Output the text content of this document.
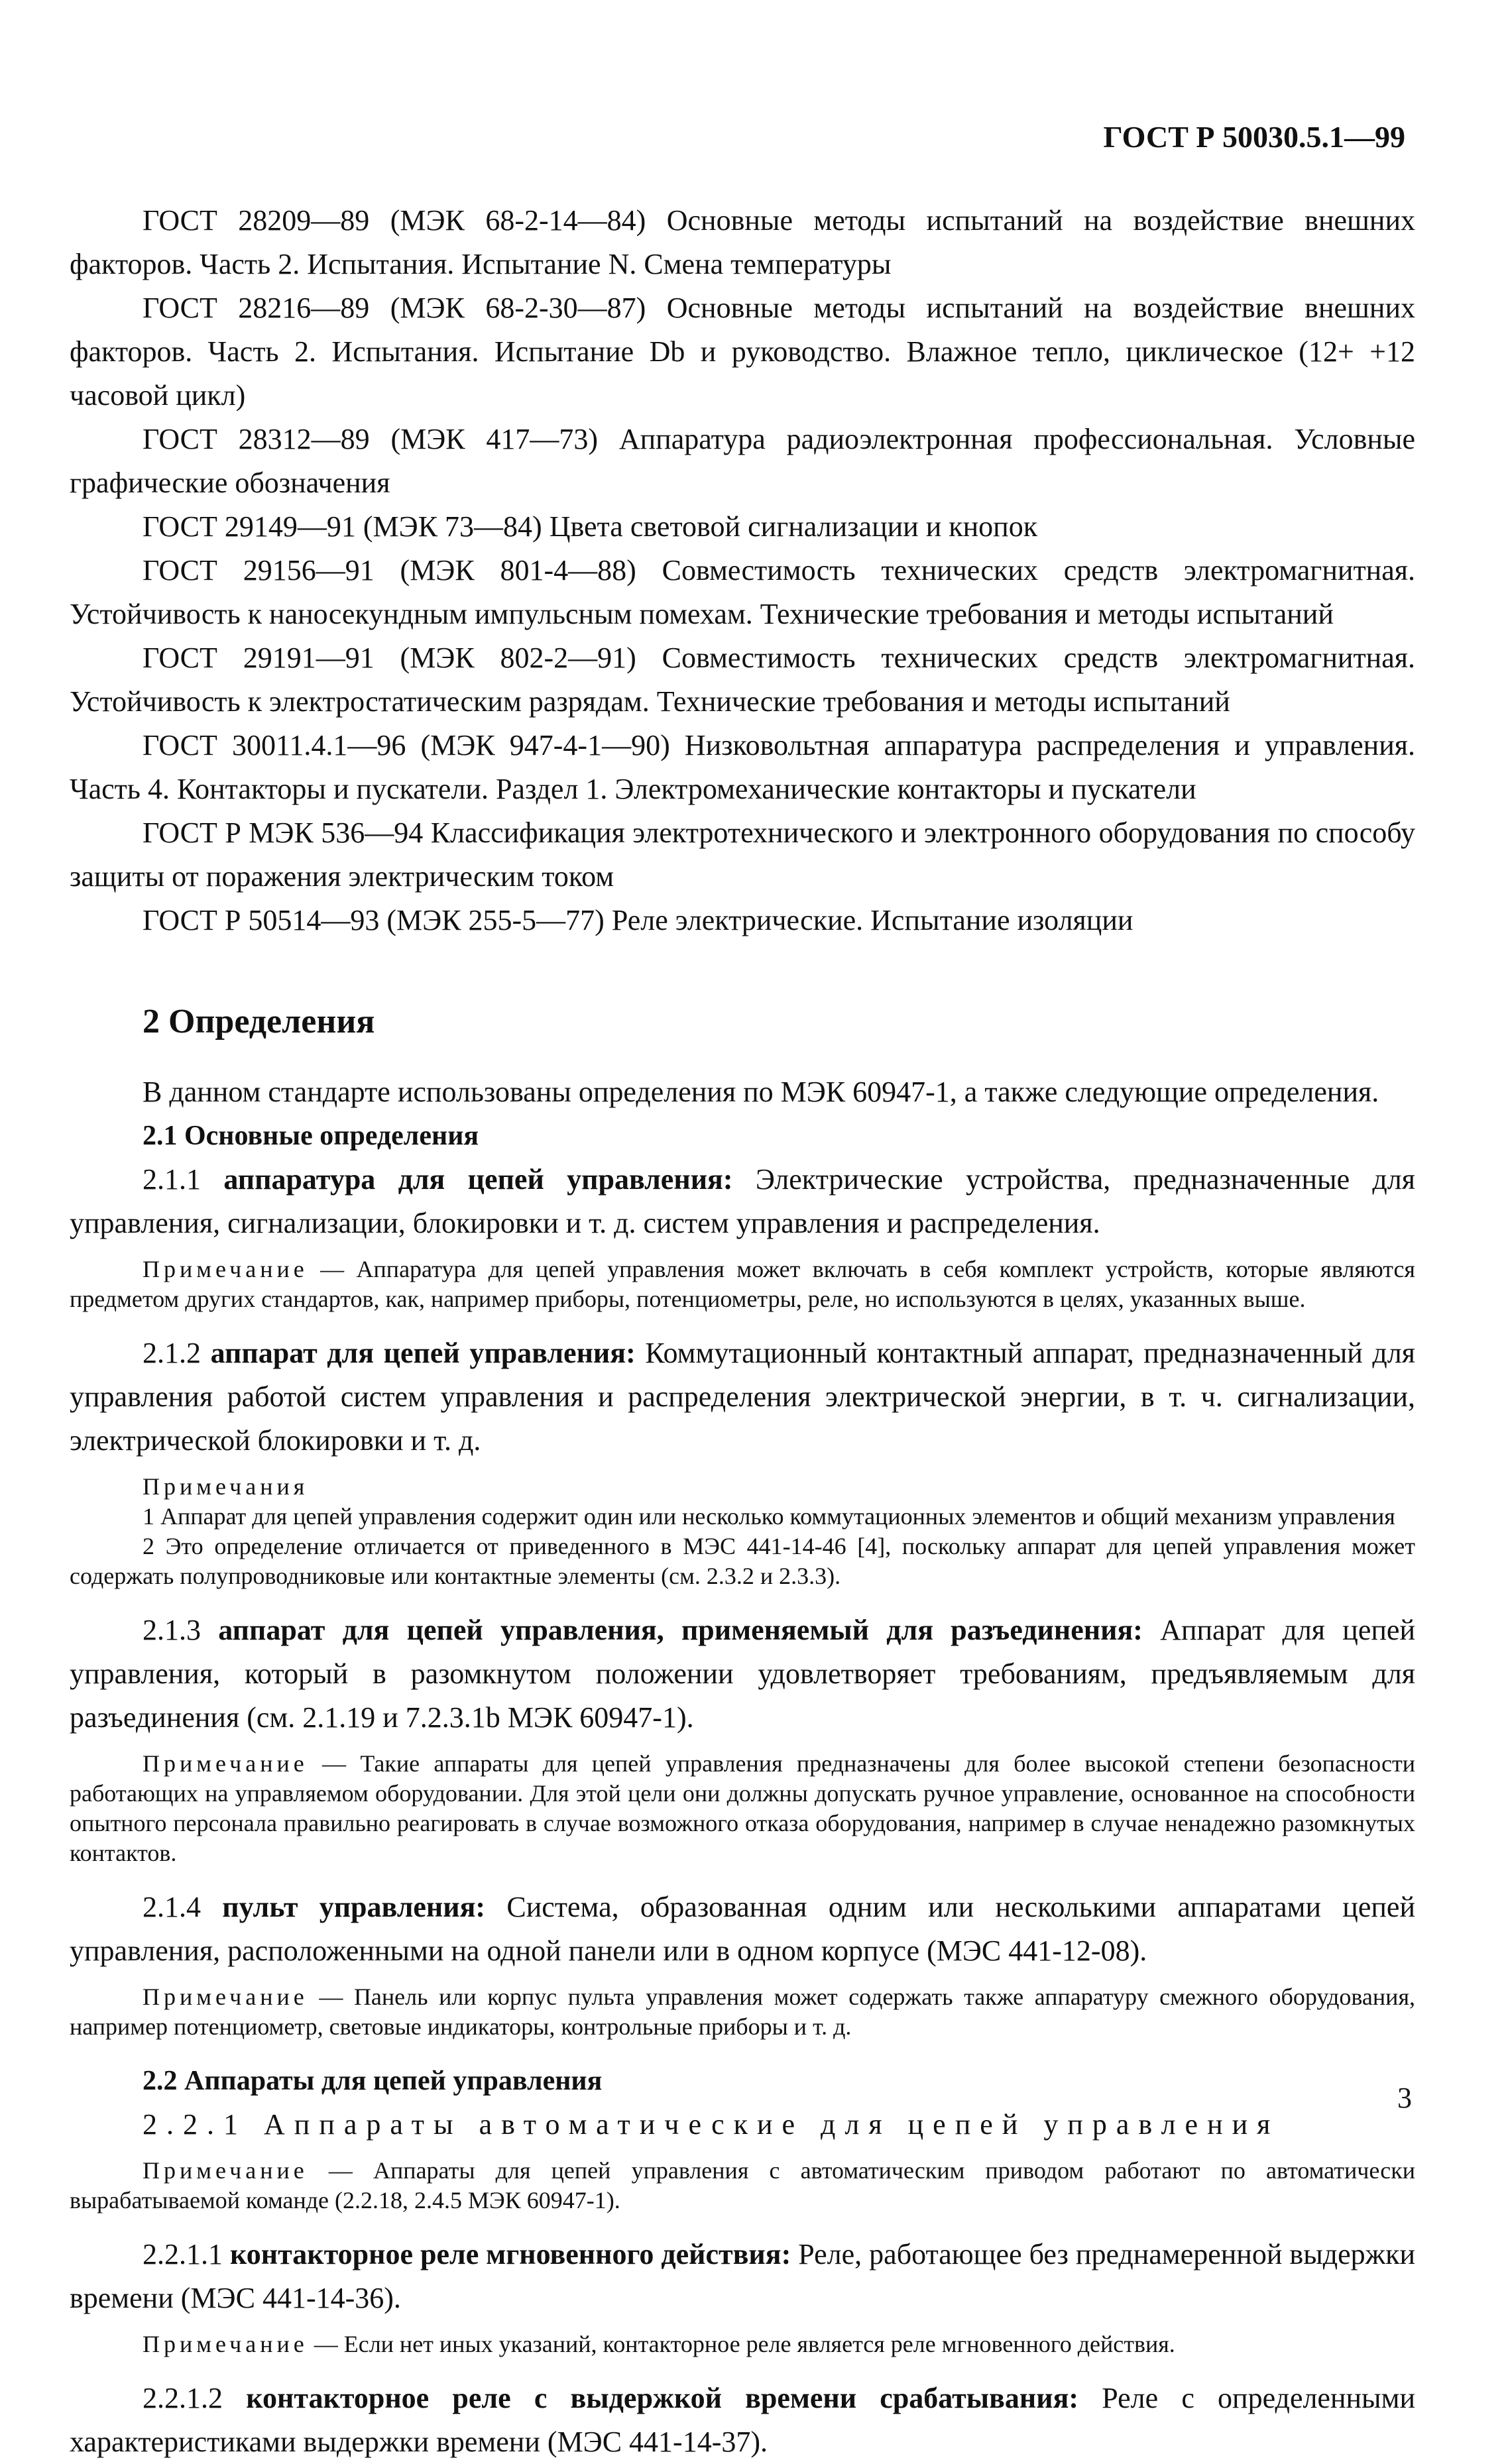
ГОСТ Р 50030.5.1—99

ГОСТ 28209—89 (МЭК 68-2-14—84) Основные методы испытаний на воздействие внешних факторов. Часть 2. Испытания. Испытание N. Смена температуры

ГОСТ 28216—89 (МЭК 68-2-30—87) Основные методы испытаний на воздействие внешних факторов. Часть 2. Испытания. Испытание Db и руководство. Влажное тепло, циклическое (12+ +12 часовой цикл)

ГОСТ 28312—89 (МЭК 417—73) Аппаратура радиоэлектронная профессиональная. Условные графические обозначения

ГОСТ 29149—91 (МЭК 73—84) Цвета световой сигнализации и кнопок

ГОСТ 29156—91 (МЭК 801-4—88) Совместимость технических средств электромагнитная. Устойчивость к наносекундным импульсным помехам. Технические требования и методы испытаний

ГОСТ 29191—91 (МЭК 802-2—91) Совместимость технических средств электромагнитная. Устойчивость к электростатическим разрядам. Технические требования и методы испытаний

ГОСТ 30011.4.1—96 (МЭК 947-4-1—90) Низковольтная аппаратура распределения и управления. Часть 4. Контакторы и пускатели. Раздел 1. Электромеханические контакторы и пускатели

ГОСТ Р МЭК 536—94 Классификация электротехнического и электронного оборудования по способу защиты от поражения электрическим током

ГОСТ Р 50514—93 (МЭК 255-5—77) Реле электрические. Испытание изоляции

2 Определения

В данном стандарте использованы определения по МЭК 60947-1, а также следующие определения.

2.1 Основные определения

2.1.1 аппаратура для цепей управления: Электрические устройства, предназначенные для управления, сигнализации, блокировки и т. д. систем управления и распределения.

Примечание — Аппаратура для цепей управления может включать в себя комплект устройств, которые являются предметом других стандартов, как, например приборы, потенциометры, реле, но используются в целях, указанных выше.

2.1.2 аппарат для цепей управления: Коммутационный контактный аппарат, предназначенный для управления работой систем управления и распределения электрической энергии, в т. ч. сигнализации, электрической блокировки и т. д.

Примечания

1 Аппарат для цепей управления содержит один или несколько коммутационных элементов и общий механизм управления

2 Это определение отличается от приведенного в МЭС 441-14-46 [4], поскольку аппарат для цепей управления может содержать полупроводниковые или контактные элементы (см. 2.3.2 и 2.3.3).

2.1.3 аппарат для цепей управления, применяемый для разъединения: Аппарат для цепей управления, который в разомкнутом положении удовлетворяет требованиям, предъявляемым для разъединения (см. 2.1.19 и 7.2.3.1b МЭК 60947-1).

Примечание — Такие аппараты для цепей управления предназначены для более высокой степени безопасности работающих на управляемом оборудовании. Для этой цели они должны допускать ручное управление, основанное на способности опытного персонала правильно реагировать в случае возможного отказа оборудования, например в случае ненадежно разомкнутых контактов.

2.1.4 пульт управления: Система, образованная одним или несколькими аппаратами цепей управления, расположенными на одной панели или в одном корпусе (МЭС 441-12-08).

Примечание — Панель или корпус пульта управления может содержать также аппаратуру смежного оборудования, например потенциометр, световые индикаторы, контрольные приборы и т. д.

2.2 Аппараты для цепей управления

2.2.1 Аппараты автоматические для цепей управления

Примечание — Аппараты для цепей управления с автоматическим приводом работают по автоматически вырабатываемой команде (2.2.18, 2.4.5 МЭК 60947-1).

2.2.1.1 контакторное реле мгновенного действия: Реле, работающее без преднамеренной выдержки времени (МЭС 441-14-36).

Примечание — Если нет иных указаний, контакторное реле является реле мгновенного действия.

2.2.1.2 контакторное реле с выдержкой времени срабатывания: Реле с определенными характеристиками выдержки времени (МЭС 441-14-37).

3
